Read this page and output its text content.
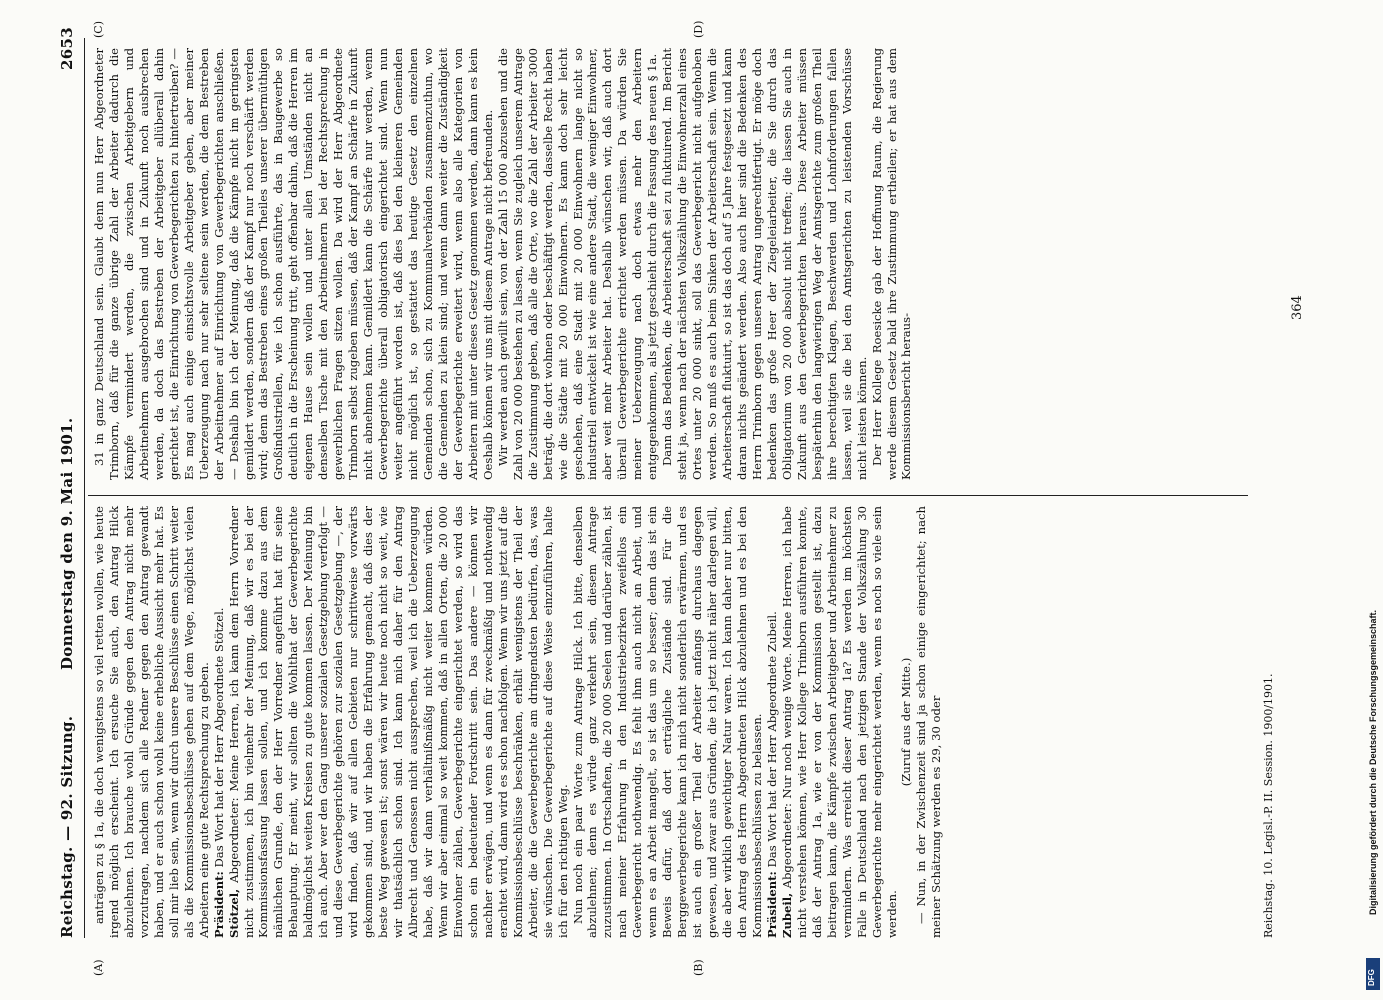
Reichstag. — 92. Sitzung.
Donnerstag den 9. Mai 1901.
2653
(A)	(B)
(C)	(D)

anträgen zu § 1a, die doch wenigstens so viel retten wollen, wie heute irgend möglich erscheint. Ich ersuche Sie auch, den Antrag Hilck abzulehnen. Ich brauche wohl Gründe gegen den Antrag nicht mehr vorzutragen, nachdem sich alle Redner gegen den Antrag gewandt haben, und er auch schon wohl keine erhebliche Aussicht mehr hat. Es soll mir lieb sein, wenn wir durch unsere Beschlüsse einen Schritt weiter als die Kommissionsbeschlüsse gehen auf dem Wege, möglichst vielen Arbeitern eine gute Rechtsprechung zu geben. Präsident: Das Wort hat der Herr Abgeordnete Stötzel.

Stötzel, Abgeordneter: Meine Herren, ich kann dem Herrn Vorredner nicht zustimmen, ich bin vielmehr der Meinung, daß wir es bei der Kommissionsfassung lassen sollen, und ich komme dazu aus dem nämlichen Grunde, den der Herr Vorredner angeführt hat für seine Behauptung. Er meint, wir sollten die Wohlthat der Gewerbegerichte baldmöglichst weiten Kreisen zu gute kommen lassen. Der Meinung bin ich auch. Aber wer den Gang unserer sozialen Gesetzgebung verfolgt — und diese Gewerbegerichte gehören zur sozialen Gesetzgebung —, der wird finden, daß wir auf allen Gebieten nur schrittweise vorwärts gekommen sind, und wir haben die Erfahrung gemacht, daß dies der beste Weg gewesen ist; sonst wären wir heute noch nicht so weit, wie wir thatsächlich schon sind. Ich kann mich daher für den Antrag Albrecht und Genossen nicht aussprechen, weil ich die Ueberzeugung habe, daß wir dann verhältnißmäßig nicht weiter kommen würden. Wenn wir aber einmal so weit kommen, daß in allen Orten, die 20 000 Einwohner zählen, Gewerbegerichte eingerichtet werden, so wird das schon ein bedeutender Fortschritt sein. Das andere — können wir nachher erwägen, und wenn es dann für zweckmäßig und nothwendig erachtet wird, dann wird es schon nachfolgen. Wenn wir uns jetzt auf die Kommissionsbeschlüsse beschränken, erhält wenigstens der Theil der Arbeiter, die die Gewerbegerichte am dringendsten bedürfen, das, was sie wünschen. Die Gewerbegerichte auf diese Weise einzuführen, halte ich für den richtigen Weg. Nun noch ein paar Worte zum Antrage Hilck. Ich bitte, denselben abzulehnen; denn es würde ganz verkehrt sein, diesem Antrage zuzustimmen. In Ortschaften, die 20 000 Seelen und darüber zählen, ist nach meiner Erfahrung in den Industriebezirken zweifellos ein Gewerbegericht nothwendig. Es fehlt ihm auch nicht an Arbeit, und wenn es an Arbeit mangelt, so ist das um so besser; denn das ist ein Beweis dafür, daß dort erträgliche Zustände sind. Für die Berggewerbegerichte kann ich mich nicht sonderlich erwärmen, und es ist auch ein großer Theil der Arbeiter anfangs durchaus dagegen gewesen, und zwar aus Gründen, die ich jetzt nicht näher darlegen will, die aber wirklich gewichtiger Natur waren. Ich kann daher nur bitten, den Antrag des Herrn Abgeordneten Hilck abzulehnen und es bei den Kommissionsbeschlüssen zu belassen. Präsident: Das Wort hat der Herr Abgeordnete Zubeil.

Zubeil, Abgeordneter: Nur noch wenige Worte. Meine Herren, ich habe nicht verstehen können, wie Herr Kollege Trimborn ausführen konnte, daß der Antrag 1a, wie er von der Kommission gestellt ist, dazu beitragen kann, die Kämpfe zwischen Arbeitgeber und Arbeitnehmer zu vermindern. Was erreicht dieser Antrag 1a? Es werden im höchsten Falle in Deutschland nach den jetzigen Stande der Volkszählung 30 Gewerbegerichte mehr eingerichtet werden, wenn es noch so viele sein werden.

(Zuruf aus der Mitte.) — Nun, in der Zwischenzeit sind ja schon einige eingerichtet; nach meiner Schätzung werden es 29, 30 oder

31 in ganz Deutschland sein. Glaubt denn nun Herr Abgeordneter Trimborn, daß für die ganze übrige Zahl der Arbeiter dadurch die Kämpfe vermindert werden, die zwischen Arbeitgebern und Arbeitnehmern ausgebrochen sind und in Zukunft noch ausbrechen werden, da doch das Bestreben der Arbeitgeber allüberall dahin gerichtet ist, die Einrichtung von Gewerbegerichten zu hintertreiben? — Es mag auch einige einsichtsvolle Arbeitgeber geben, aber meiner Ueberzeugung nach nur sehr seltene sein werden, die dem Bestreben der Arbeitnehmer auf Einrichtung von Gewerbegerichten anschließen. — Deshalb bin ich der Meinung, daß die Kämpfe nicht im geringsten gemildert werden, sondern daß der Kampf nur noch verschärft werden wird; denn das Bestreben eines großen Theiles unserer übermüthigen Großindustriellen, wie ich schon ausführte, das in Baugewerbe so deutlich in die Erscheinung tritt, geht offenbar dahin, daß die Herren im eigenen Hause sein wollen und unter allen Umständen nicht an denselben Tische mit den Arbeitnehmern bei der Rechtsprechung in gewerblichen Fragen sitzen wollen. Da wird der Herr Abgeordnete Trimborn selbst zugeben müssen, daß der Kampf an Schärfe in Zukunft nicht abnehmen kann. Gemildert kann die Schärfe nur werden, wenn Gewerbegerichte überall obligatorisch eingerichtet sind. Wenn nun weiter angeführt worden ist, daß dies bei den kleineren Gemeinden nicht möglich ist, so gestattet das heutige Gesetz den einzelnen Gemeinden schon, sich zu Kommunalverbänden zusammenzuthun, wo die Gemeinden zu klein sind; und wenn dann weiter die Zuständigkeit der Gewerbegerichte erweitert wird, wenn also alle Kategorien von Arbeitern mit unter dieses Gesetz genommen werden, dann kann es kein Oeshalb können wir uns mit diesem Antrage nicht befreunden. Wir werden auch gewillt sein, von der Zahl 15 000 abzusehen und die Zahl von 20 000 bestehen zu lassen, wenn Sie zugleich unserem Antrage die Zustimmung geben, daß alle die Orte, wo die Zahl der Arbeiter 3000 beträgt, die dort wohnen oder beschäftigt werden, dasselbe Recht haben wie die Städte mit 20 000 Einwohnern. Es kann doch sehr leicht geschehen, daß eine Stadt mit 20 000 Einwohnern lange nicht so industriell entwickelt ist wie eine andere Stadt, die weniger Einwohner, aber weit mehr Arbeiter hat. Deshalb wünschen wir, daß auch dort überall Gewerbegerichte errichtet werden müssen. Da würden Sie meiner Ueberzeugung nach doch etwas mehr den Arbeitern entgegenkommen, als jetzt geschieht durch die Fassung des neuen § 1a. Dann das Bedenken, die Arbeiterschaft sei zu fluktuirend. Im Bericht steht ja, wenn nach der nächsten Volkszählung die Einwohnerzahl eines Ortes unter 20 000 sinkt, soll das Gewerbegericht nicht aufgehoben werden. So muß es auch beim Sinken der Arbeiterschaft sein. Wenn die Arbeiterschaft fluktuirt, so ist das doch auf 5 Jahre festgesetzt und kann daran nichts geändert werden. Also auch hier sind die Bedenken des Herrn Trimborn gegen unseren Antrag ungerechtfertigt. Er möge doch bedenken das große Heer der Ziegeleiarbeiter, die Sie durch das Obligatorium von 20 000 absolut nicht treffen; die lassen Sie auch in Zukunft aus den Gewerbegerichten heraus. Diese Arbeiter müssen bespäterhin den langwierigen Weg der Amtsgerichte zum großen Theil ihre berechtigten Klagen, Beschwerden und Lohnforderungen fallen lassen, weil sie die bei den Amtsgerichten zu leistenden Vorschüsse nicht leisten können. Der Herr Kollege Roesicke gab der Hoffnung Raum, die Regierung werde diesem Gesetz bald ihre Zustimmung ertheilen; er hat aus dem Kommissionsbericht heraus-

Reichstag. 10. Legisl.-P. II. Session. 1900/1901.
364
Digitalisierung gefördert durch die Deutsche Forschungsgemeinschaft.
DFG
